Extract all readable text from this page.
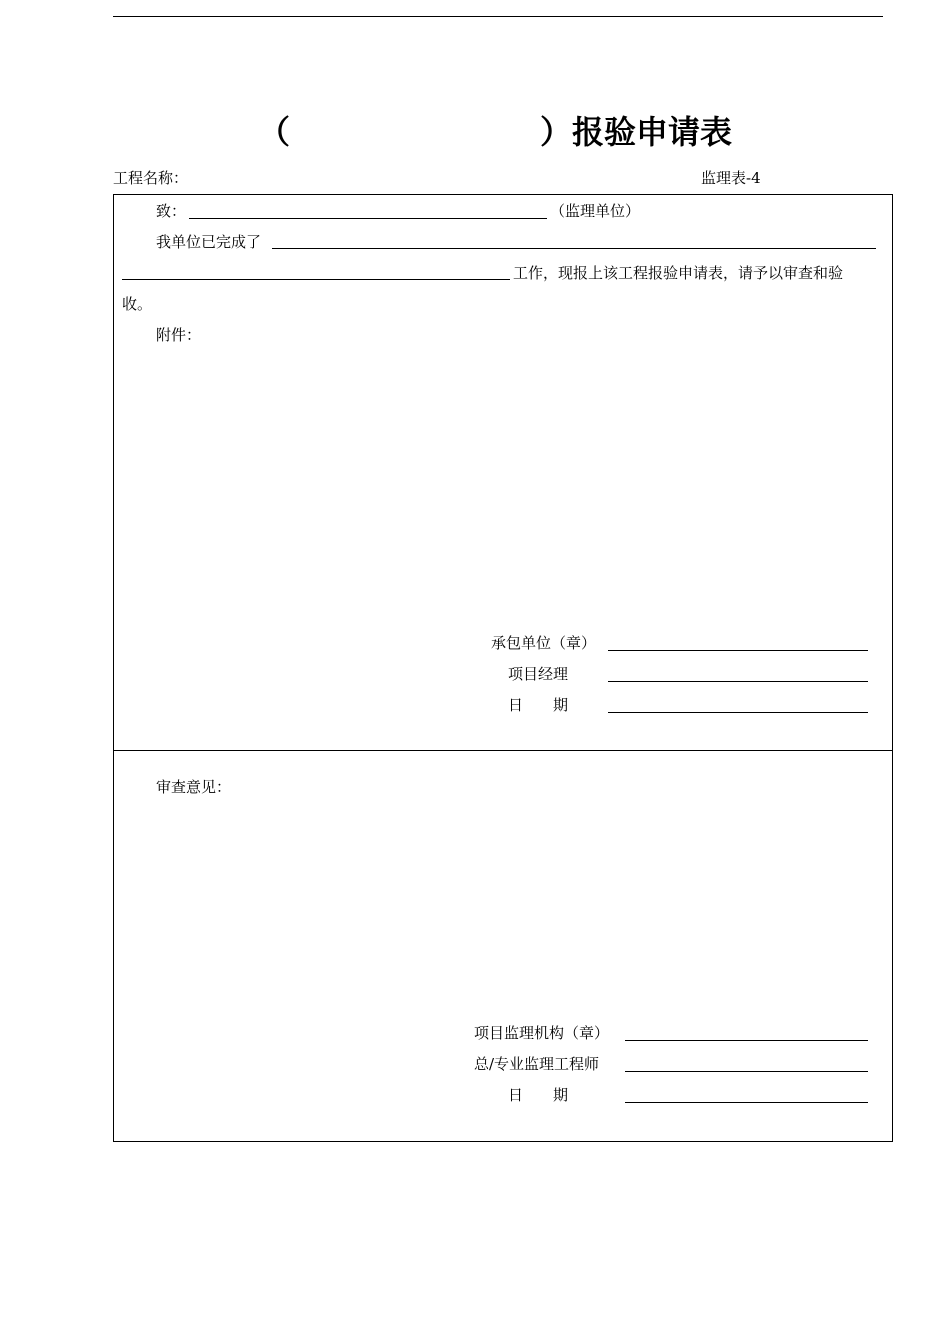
（	）报验申请表
工程名称：	监理表-4
致：	（监理单位）
我单位已完成了
工作，现报上该工程报验申请表，请予以审查和验
收。
附件：
承包单位（章）
项目经理
日　　期
审查意见：
项目监理机构（章）
总/专业监理工程师
日　　期
